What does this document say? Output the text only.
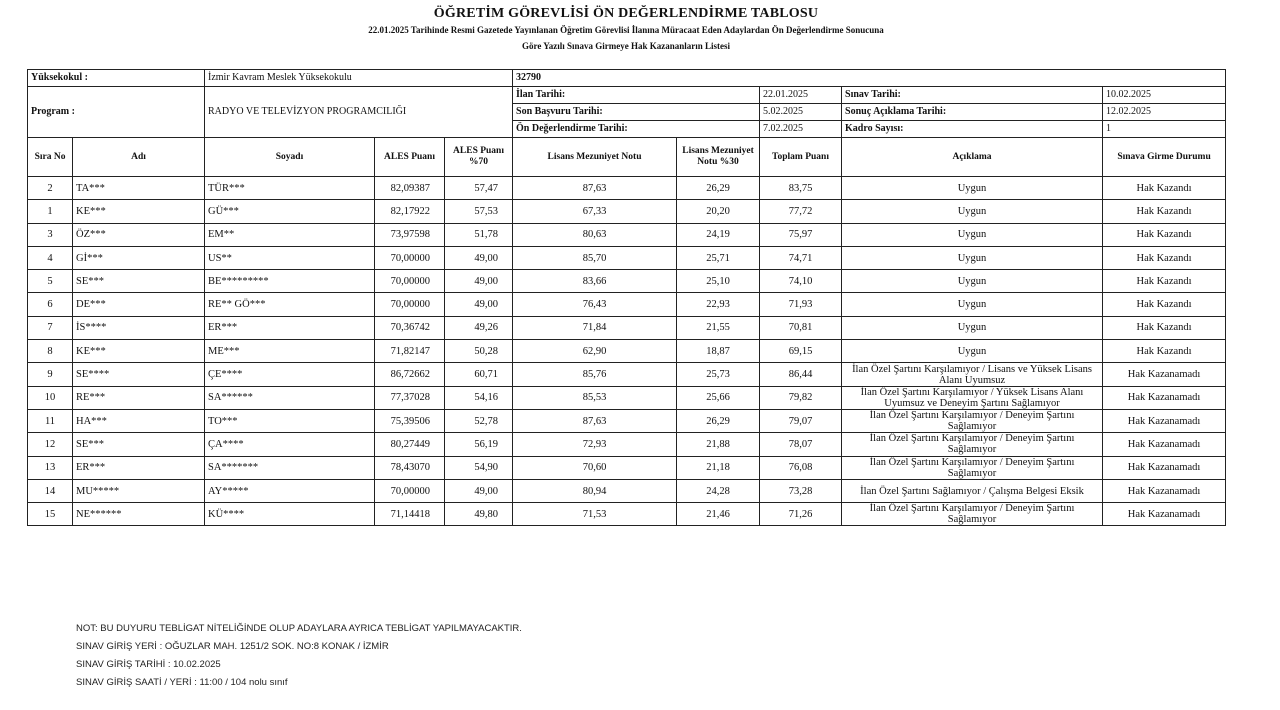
ÖĞRETİM GÖREVLİSİ ÖN DEĞERLENDİRME TABLOSU
22.01.2025 Tarihinde Resmi Gazetede Yayınlanan Öğretim Görevlisi İlanına Müracaat Eden Adaylardan Ön Değerlendirme Sonucuna
Göre Yazılı Sınava Girmeye Hak Kazananların Listesi
Yüksekokul :		İzmir Kavram Meslek Yüksekokulu			32790				
Program :		RADYO VE TELEVİZYON PROGRAMCILIĞI			İlan Tarihi:		22.01.2025	Sınav Tarihi:	10.02.2025
					Son Başvuru Tarihi:		5.02.2025	Sonuç Açıklama Tarihi:	12.02.2025
					Ön Değerlendirme Tarihi:		7.02.2025	Kadro Sayısı:	1
Sıra No	Adı	Soyadı	ALES Puanı	ALES Puanı %70	Lisans Mezuniyet Notu	Lisans Mezuniyet Notu %30	Toplam Puanı	Açıklama	Sınava Girme Durumu
2	TA***	TÜR***	82,09387	57,47	87,63	26,29	83,75	Uygun	Hak Kazandı
1	KE***	GÜ***	82,17922	57,53	67,33	20,20	77,72	Uygun	Hak Kazandı
3	ÖZ***	EM**	73,97598	51,78	80,63	24,19	75,97	Uygun	Hak Kazandı
4	Gİ***	US**	70,00000	49,00	85,70	25,71	74,71	Uygun	Hak Kazandı
5	SE***	BE*********	70,00000	49,00	83,66	25,10	74,10	Uygun	Hak Kazandı
6	DE***	RE** GÖ***	70,00000	49,00	76,43	22,93	71,93	Uygun	Hak Kazandı
7	İS****	ER***	70,36742	49,26	71,84	21,55	70,81	Uygun	Hak Kazandı
8	KE***	ME***	71,82147	50,28	62,90	18,87	69,15	Uygun	Hak Kazandı
9	SE****	ÇE****	86,72662	60,71	85,76	25,73	86,44	İlan Özel Şartını Karşılamıyor / Lisans ve Yüksek Lisans Alanı Uyumsuz	Hak Kazanamadı
10	RE***	SA******	77,37028	54,16	85,53	25,66	79,82	İlan Özel Şartını Karşılamıyor / Yüksek Lisans Alanı Uyumsuz ve Deneyim Şartını Sağlamıyor	Hak Kazanamadı
11	HA***	TO***	75,39506	52,78	87,63	26,29	79,07	İlan Özel Şartını Karşılamıyor / Deneyim Şartını Sağlamıyor	Hak Kazanamadı
12	SE***	ÇA****	80,27449	56,19	72,93	21,88	78,07	İlan Özel Şartını Karşılamıyor / Deneyim Şartını Sağlamıyor	Hak Kazanamadı
13	ER***	SA*******	78,43070	54,90	70,60	21,18	76,08	İlan Özel Şartını Karşılamıyor / Deneyim Şartını Sağlamıyor	Hak Kazanamadı
14	MU*****	AY*****	70,00000	49,00	80,94	24,28	73,28	İlan Özel Şartını Sağlamıyor / Çalışma Belgesi Eksik	Hak Kazanamadı
15	NE******	KÜ****	71,14418	49,80	71,53	21,46	71,26	İlan Özel Şartını Karşılamıyor / Deneyim Şartını Sağlamıyor	Hak Kazanamadı
NOT: BU DUYURU TEBLİGAT NİTELİĞİNDE OLUP ADAYLARA AYRICA TEBLİGAT YAPILMAYACAKTIR.
SINAV GİRİŞ YERİ : OĞUZLAR MAH. 1251/2 SOK. NO:8 KONAK / İZMİR
SINAV GİRİŞ TARİHİ : 10.02.2025
SINAV GİRİŞ SAATİ / YERİ : 11:00 / 104 nolu sınıf
